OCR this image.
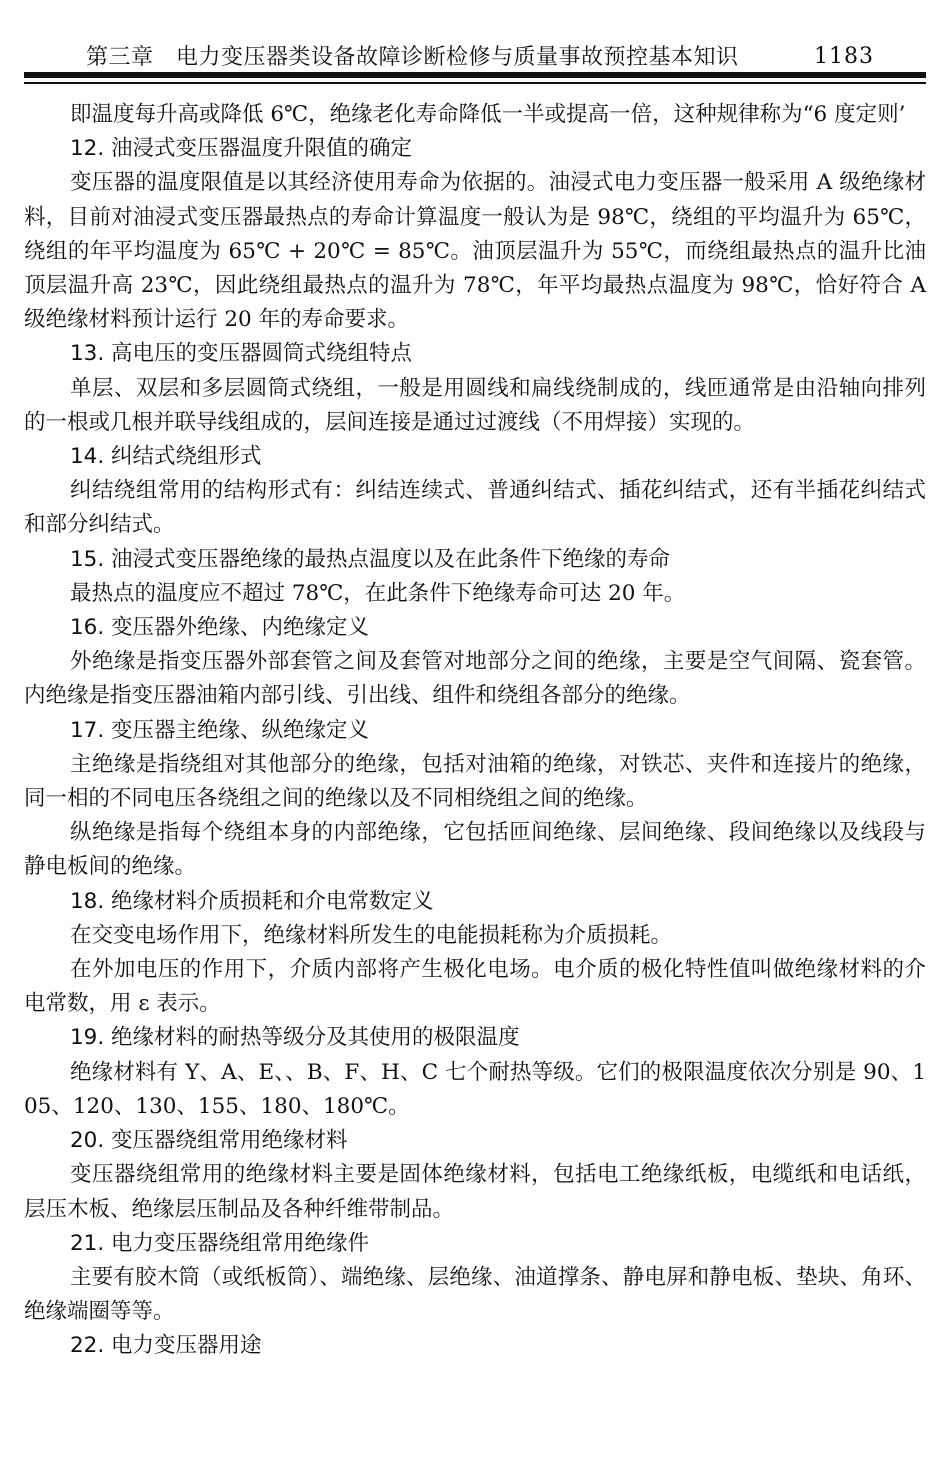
第三章　电力变压器类设备故障诊断检修与质量事故预控基本知识	1183

即温度每升高或降低 6℃，绝缘老化寿命降低一半或提高一倍，这种规律称为“6 度定则’

12. 油浸式变压器温度升限值的确定

变压器的温度限值是以其经济使用寿命为依据的。油浸式电力变压器一般采用 A 级绝缘材料，目前对油浸式变压器最热点的寿命计算温度一般认为是 98℃，绕组的平均温升为 65℃，绕组的年平均温度为 65℃ + 20℃ = 85℃。油顶层温升为 55℃，而绕组最热点的温升比油顶层温升高 23℃，因此绕组最热点的温升为 78℃，年平均最热点温度为 98℃，恰好符合 A 级绝缘材料预计运行 20 年的寿命要求。

13. 高电压的变压器圆筒式绕组特点

单层、双层和多层圆筒式绕组，一般是用圆线和扁线绕制成的，线匝通常是由沿轴向排列的一根或几根并联导线组成的，层间连接是通过过渡线（不用焊接）实现的。

14. 纠结式绕组形式

纠结绕组常用的结构形式有：纠结连续式、普通纠结式、插花纠结式，还有半插花纠结式和部分纠结式。

15. 油浸式变压器绝缘的最热点温度以及在此条件下绝缘的寿命

最热点的温度应不超过 78℃，在此条件下绝缘寿命可达 20 年。

16. 变压器外绝缘、内绝缘定义

外绝缘是指变压器外部套管之间及套管对地部分之间的绝缘，主要是空气间隔、瓷套管。内绝缘是指变压器油箱内部引线、引出线、组件和绕组各部分的绝缘。

17. 变压器主绝缘、纵绝缘定义

主绝缘是指绕组对其他部分的绝缘，包括对油箱的绝缘，对铁芯、夹件和连接片的绝缘，同一相的不同电压各绕组之间的绝缘以及不同相绕组之间的绝缘。

纵绝缘是指每个绕组本身的内部绝缘，它包括匝间绝缘、层间绝缘、段间绝缘以及线段与静电板间的绝缘。

18. 绝缘材料介质损耗和介电常数定义

在交变电场作用下，绝缘材料所发生的电能损耗称为介质损耗。

在外加电压的作用下，介质内部将产生极化电场。电介质的极化特性值叫做绝缘材料的介电常数，用 ε 表示。

19. 绝缘材料的耐热等级分及其使用的极限温度

绝缘材料有 Y、A、E、、B、F、H、C 七个耐热等级。它们的极限温度依次分别是 90、105、120、130、155、180、180℃。

20. 变压器绕组常用绝缘材料

变压器绕组常用的绝缘材料主要是固体绝缘材料，包括电工绝缘纸板，电缆纸和电话纸，层压木板、绝缘层压制品及各种纤维带制品。

21. 电力变压器绕组常用绝缘件

主要有胶木筒（或纸板筒）、端绝缘、层绝缘、油道撑条、静电屏和静电板、垫块、角环、绝缘端圈等等。

22. 电力变压器用途
